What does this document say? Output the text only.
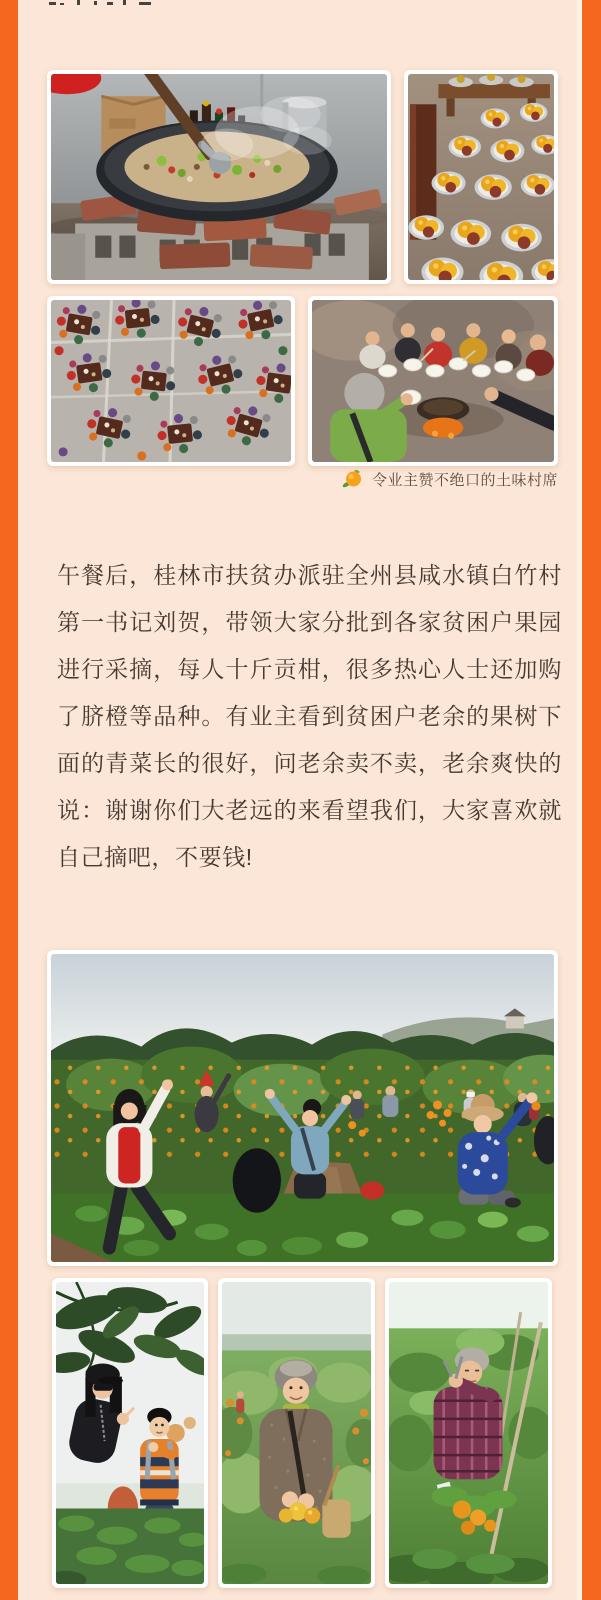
令业主赞不绝口的土味村席

午餐后，桂林市扶贫办派驻全州县咸水镇白竹村第一书记刘贺，带领大家分批到各家贫困户果园进行采摘，每人十斤贡柑，很多热心人士还加购了脐橙等品种。有业主看到贫困户老余的果树下面的青菜长的很好，问老余卖不卖，老余爽快的说：谢谢你们大老远的来看望我们，大家喜欢就自己摘吧，不要钱!
